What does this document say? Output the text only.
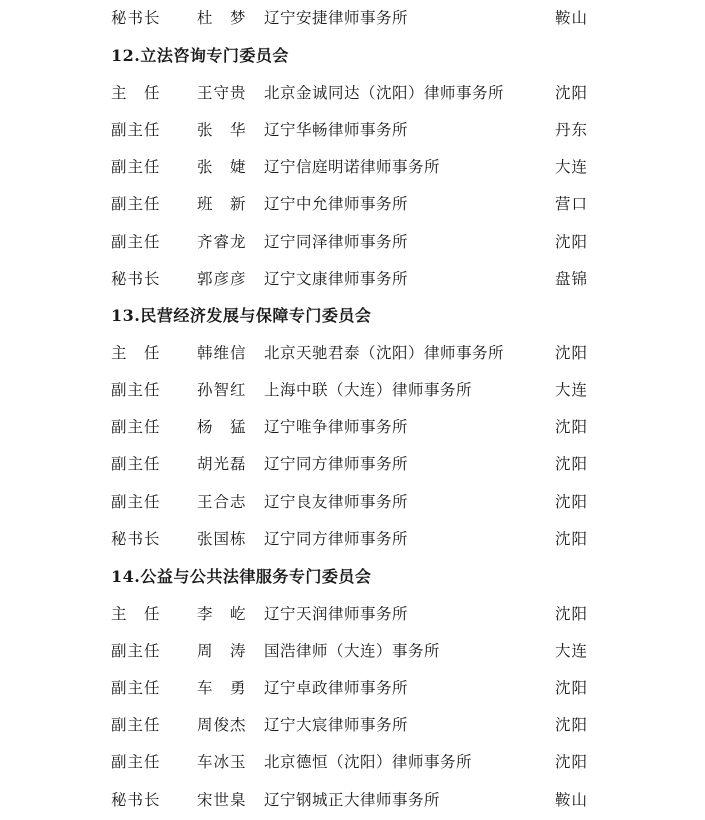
秘书长 杜　梦 辽宁安捷律师事务所	鞍山
12.立法咨询专门委员会
主　任 王守贵 北京金诚同达（沈阳）律师事务所	沈阳
副主任 张　华 辽宁华畅律师事务所	丹东
副主任 张　婕 辽宁信庭明诺律师事务所	大连
副主任 班　新 辽宁中允律师事务所	营口
副主任 齐睿龙 辽宁同泽律师事务所	沈阳
秘书长 郭彦彦 辽宁文康律师事务所	盘锦
13.民营经济发展与保障专门委员会
主　任 韩维信 北京天驰君泰（沈阳）律师事务所	沈阳
副主任 孙智红 上海中联（大连）律师事务所	大连
副主任 杨　猛 辽宁唯争律师事务所	沈阳
副主任 胡光磊 辽宁同方律师事务所	沈阳
副主任 王合志 辽宁良友律师事务所	沈阳
秘书长 张国栋 辽宁同方律师事务所	沈阳
14.公益与公共法律服务专门委员会
主　任 李　屹 辽宁天润律师事务所	沈阳
副主任 周　涛 国浩律师（大连）事务所	大连
副主任 车　勇 辽宁卓政律师事务所	沈阳
副主任 周俊杰 辽宁大宸律师事务所	沈阳
副主任 车冰玉 北京德恒（沈阳）律师事务所	沈阳
秘书长 宋世臬 辽宁钢城正大律师事务所	鞍山
